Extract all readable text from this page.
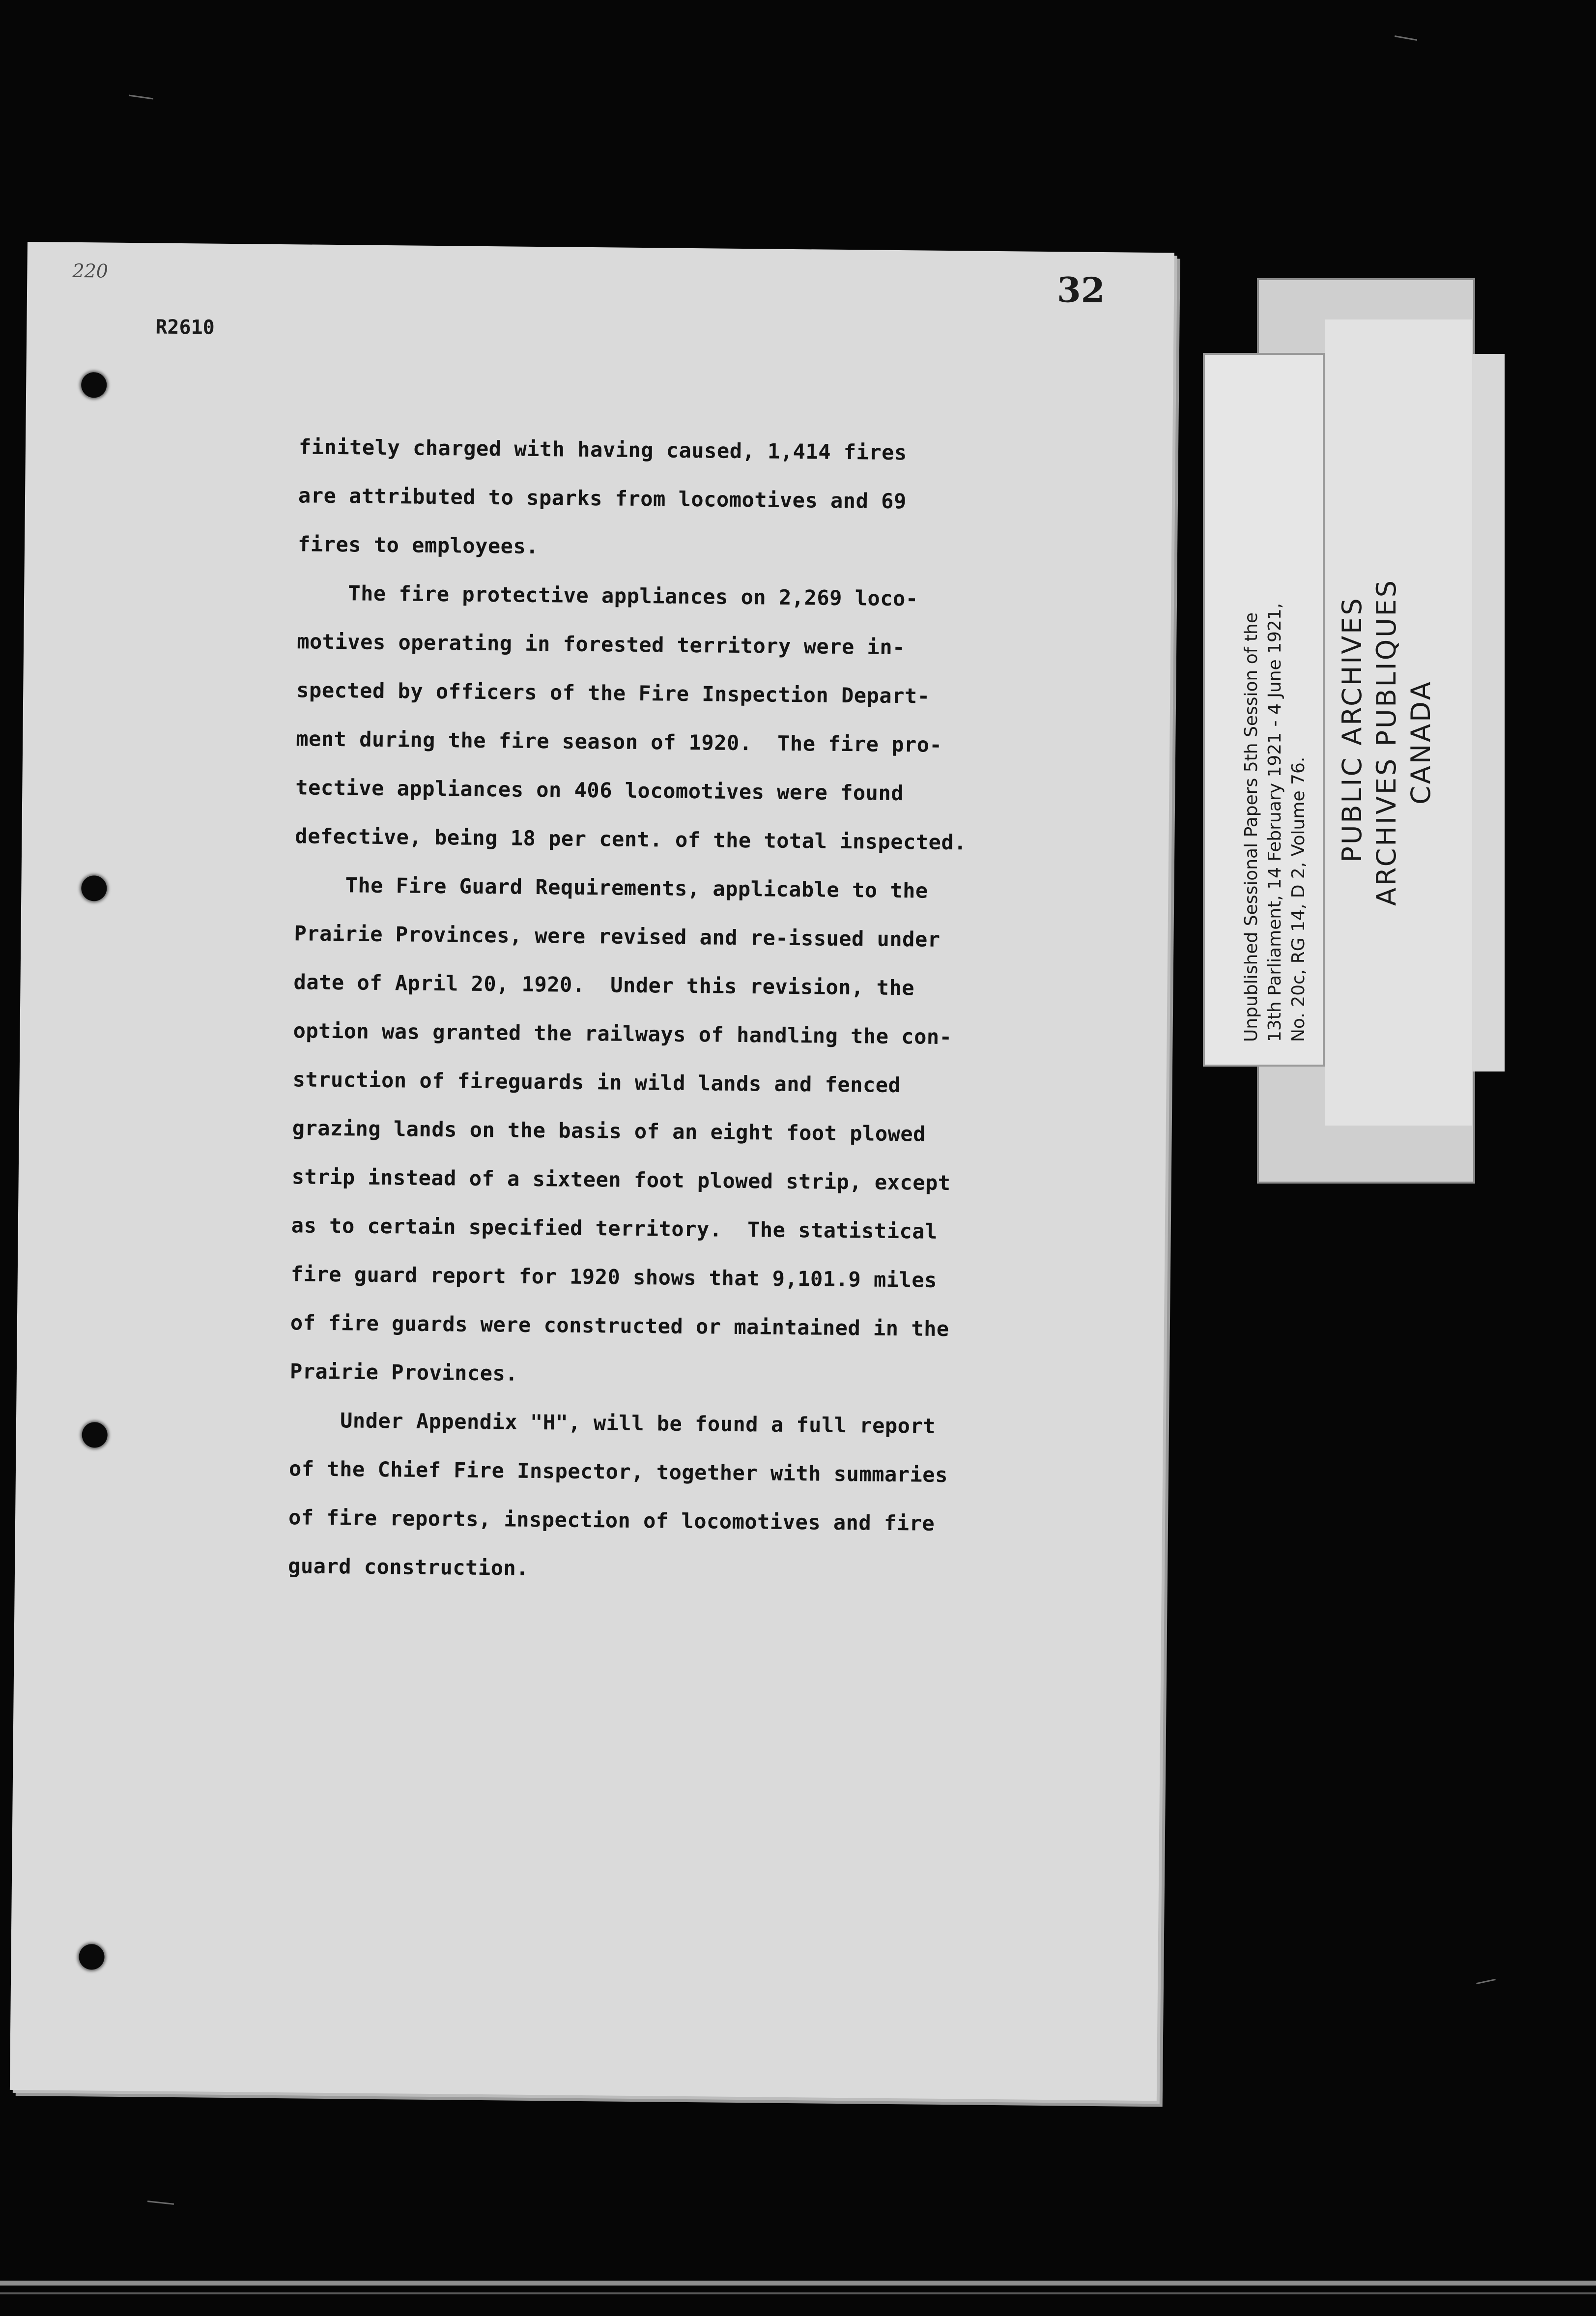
220
R2610
32
finitely charged with having caused, 1,414 fires
are attributed to sparks from locomotives and 69
fires to employees.
The fire protective appliances on 2,269 loco-
motives operating in forested territory were in-
spected by officers of the Fire Inspection Depart-
ment during the fire season of 1920.  The fire pro-
tective appliances on 406 locomotives were found
defective, being 18 per cent. of the total inspected.
The Fire Guard Requirements, applicable to the
Prairie Provinces, were revised and re-issued under
date of April 20, 1920.  Under this revision, the
option was granted the railways of handling the con-
struction of fireguards in wild lands and fenced
grazing lands on the basis of an eight foot plowed
strip instead of a sixteen foot plowed strip, except
as to certain specified territory.  The statistical
fire guard report for 1920 shows that 9,101.9 miles
of fire guards were constructed or maintained in the
Prairie Provinces.
Under Appendix "H", will be found a full report
of the Chief Fire Inspector, together with summaries
of fire reports, inspection of locomotives and fire
guard construction.
Unpublished Sessional Papers 5th Session of the 13th Parliament, 14 February 1921 - 4 June 1921, No. 20c, RG 14, D 2, Volume 76.
PUBLIC ARCHIVES ARCHIVES PUBLIQUES CANADA
